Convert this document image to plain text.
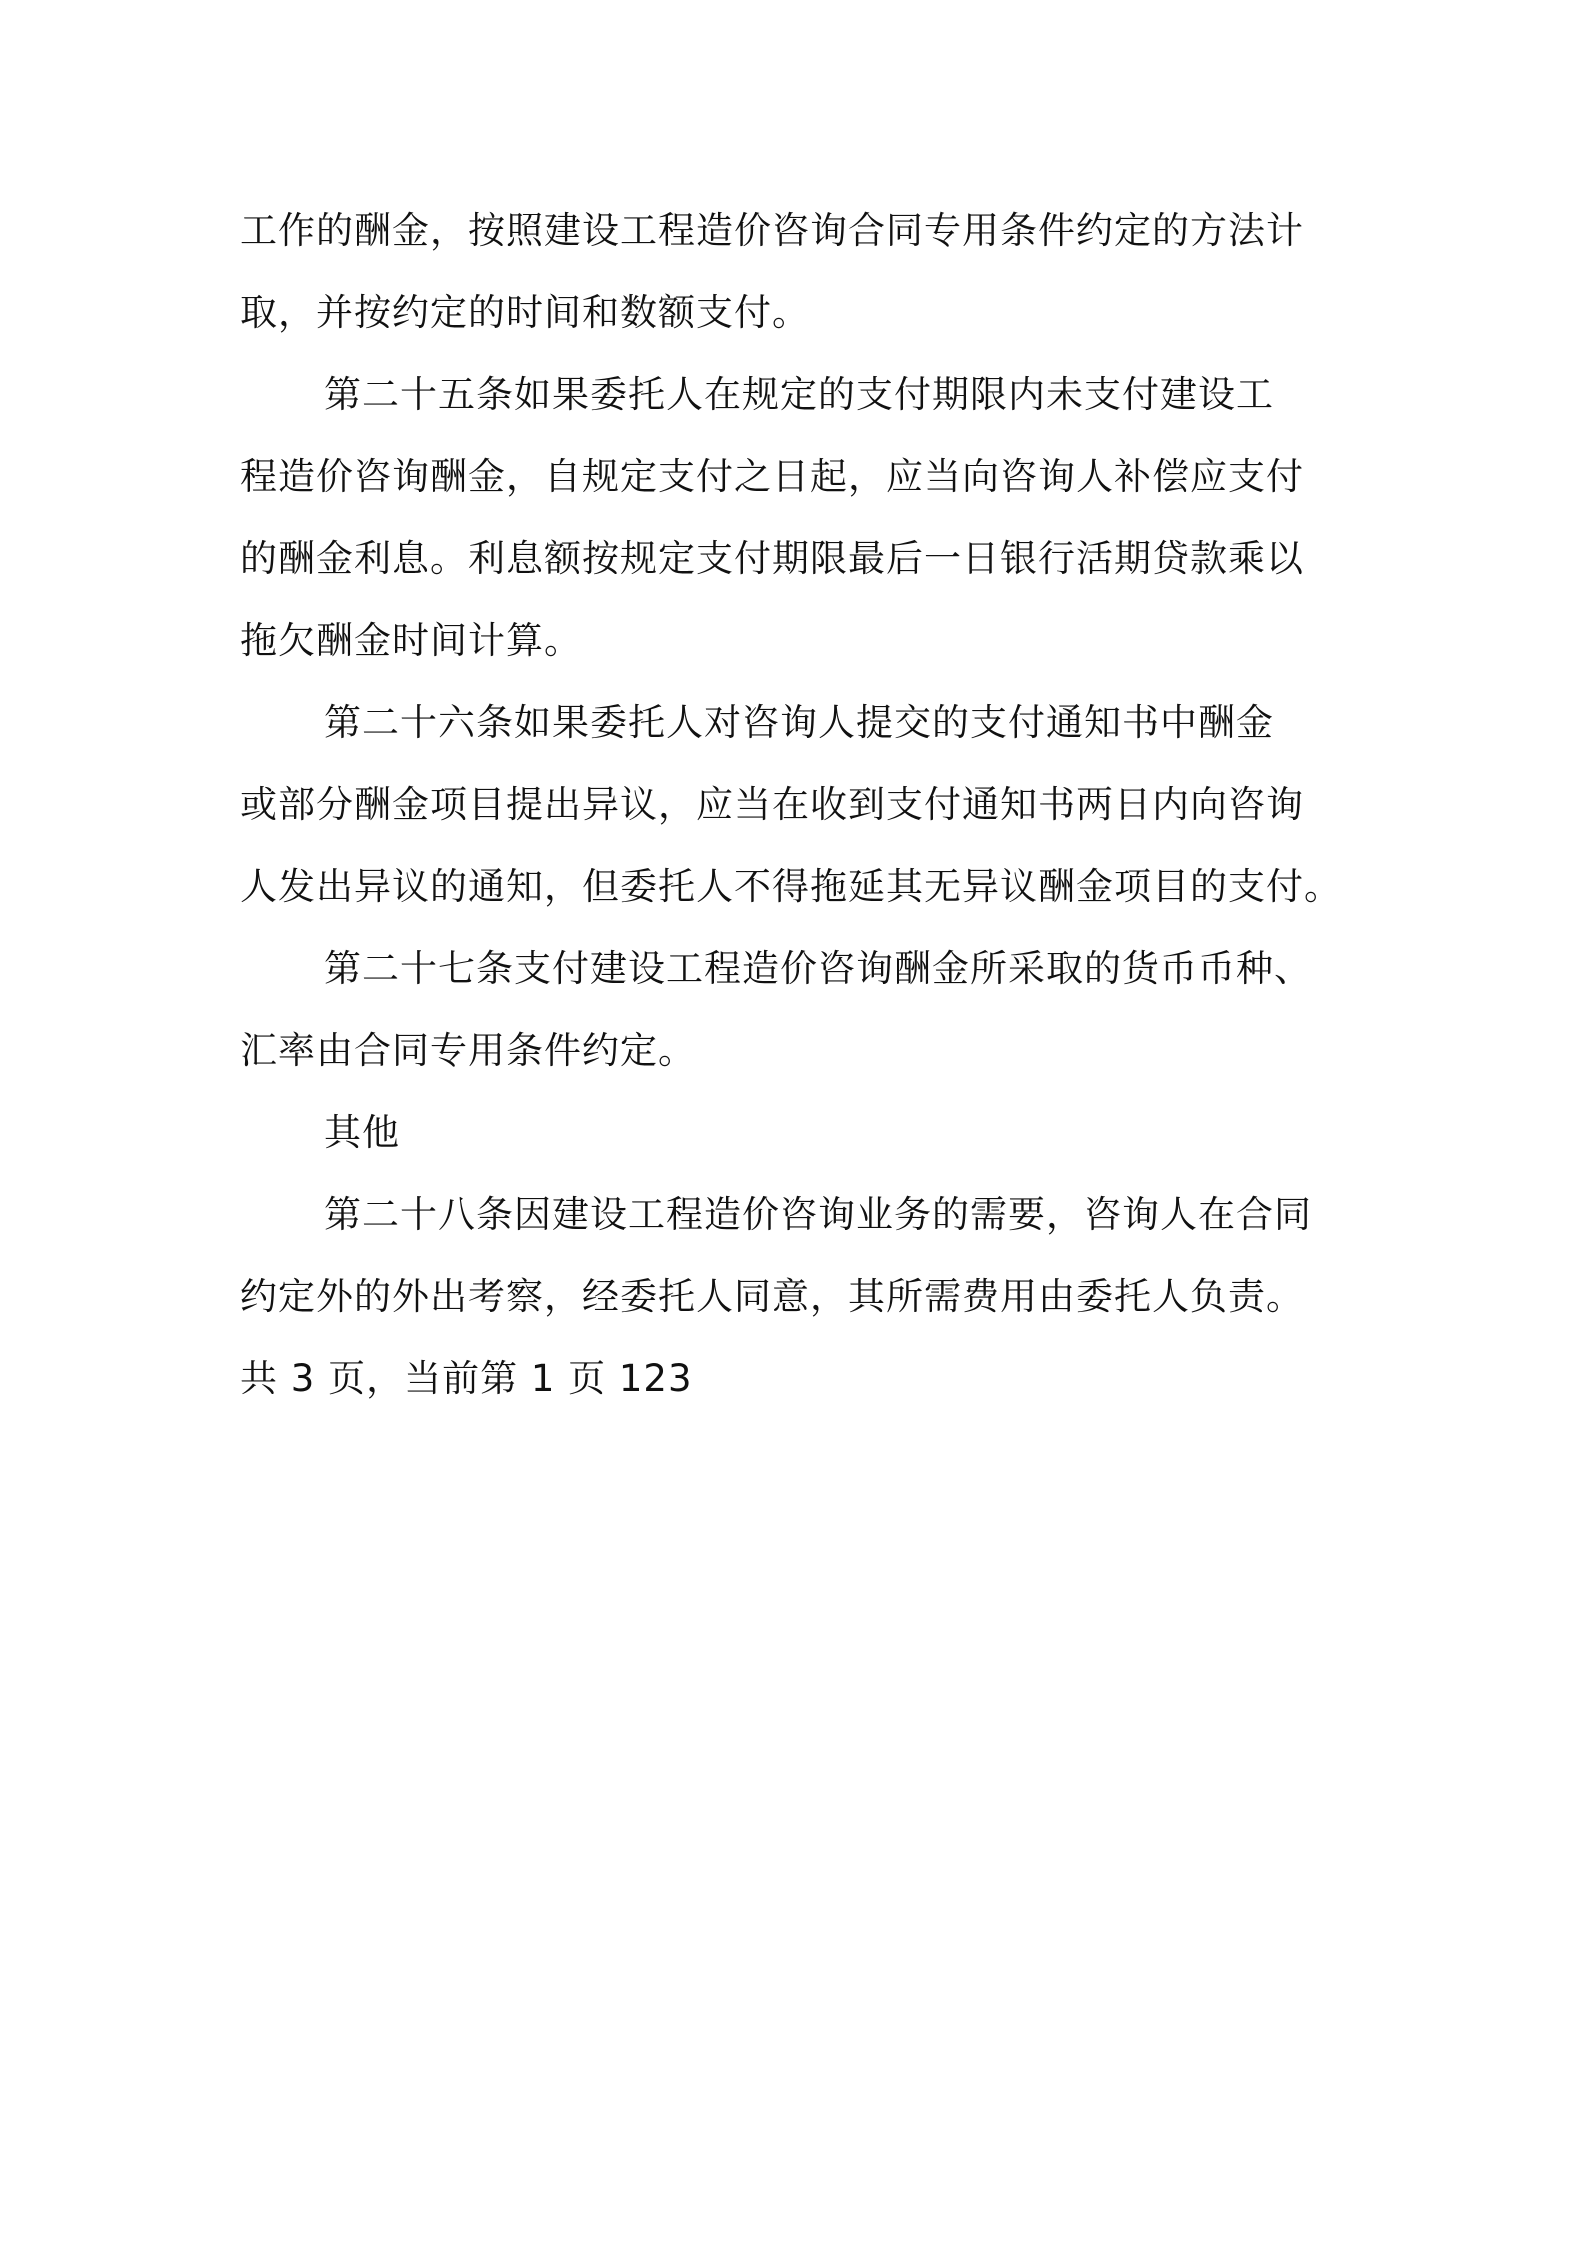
工作的酬金，按照建设工程造价咨询合同专用条件约定的方法计
取，并按约定的时间和数额支付。
第二十五条如果委托人在规定的支付期限内未支付建设工
程造价咨询酬金，自规定支付之日起，应当向咨询人补偿应支付
的酬金利息。利息额按规定支付期限最后一日银行活期贷款乘以
拖欠酬金时间计算。
第二十六条如果委托人对咨询人提交的支付通知书中酬金
或部分酬金项目提出异议，应当在收到支付通知书两日内向咨询
人发出异议的通知，但委托人不得拖延其无异议酬金项目的支付。
第二十七条支付建设工程造价咨询酬金所采取的货币币种、
汇率由合同专用条件约定。
其他
第二十八条因建设工程造价咨询业务的需要，咨询人在合同
约定外的外出考察，经委托人同意，其所需费用由委托人负责。
共 3 页，当前第 1 页 123
